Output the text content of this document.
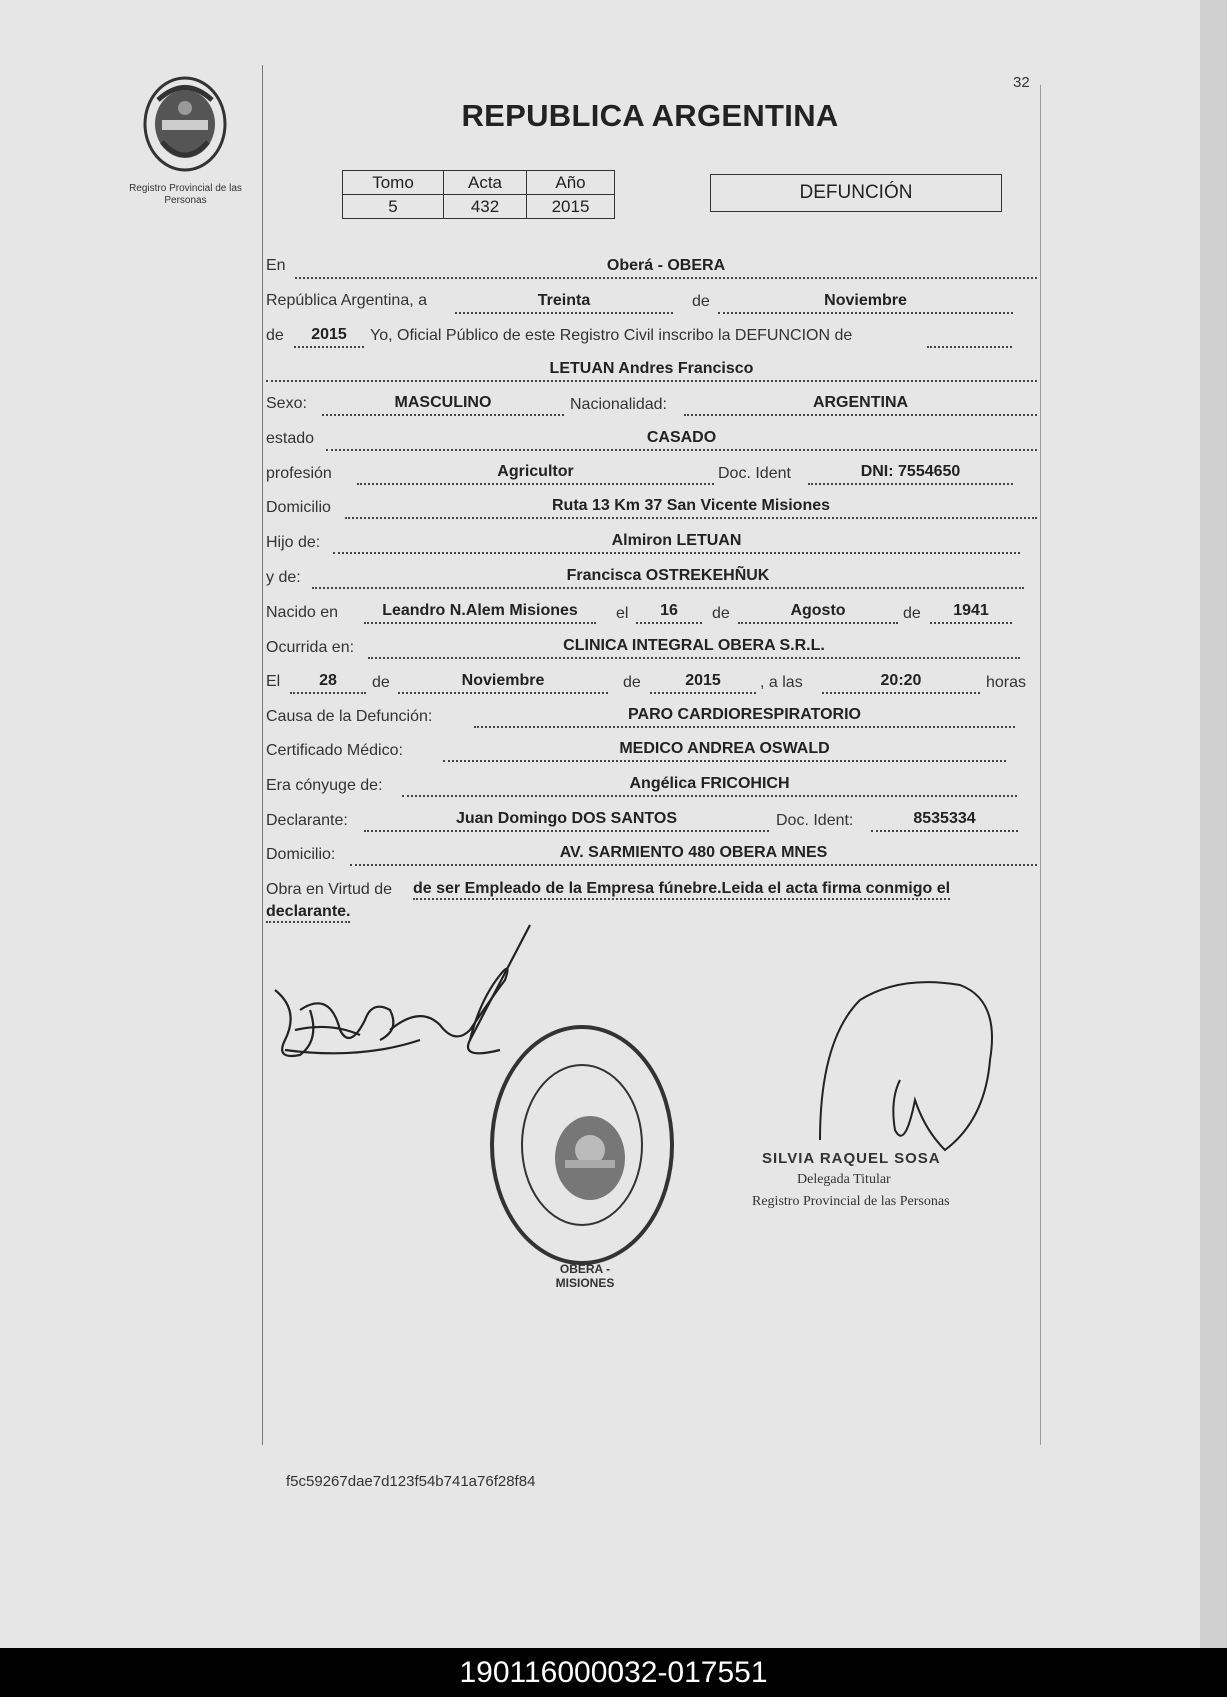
Registro Provincial de las Personas
32
REPUBLICA ARGENTINA
Tomo	Acta	Año
5	432	2015
DEFUNCIÓN
En	Oberá - OBERA
República Argentina, a	Treinta	de	Noviembre
de	2015	Yo, Oficial Público de este Registro Civil inscribo la DEFUNCION de
LETUAN Andres Francisco
Sexo:	MASCULINO	Nacionalidad:	ARGENTINA
estado	CASADO
profesión	Agricultor	Doc. Ident	DNI: 7554650
Domicilio	Ruta 13 Km 37 San Vicente Misiones
Hijo de:	Almiron LETUAN
y de:	Francisca OSTREKEHÑUK
Nacido en	Leandro N.Alem Misiones	el	16	de	Agosto	de	1941
Ocurrida en:	CLINICA INTEGRAL OBERA S.R.L.
El	28	de	Noviembre	de	2015	, a las	20:20	horas
Causa de la Defunción:	PARO CARDIORESPIRATORIO
Certificado Médico:	MEDICO ANDREA OSWALD
Era cónyuge de:	Angélica FRICOHICH
Declarante:	Juan Domingo DOS SANTOS	Doc. Ident:	8535334
Domicilio:	AV. SARMIENTO 480 OBERA MNES
Obra en Virtud de de ser Empleado de la Empresa fúnebre.Leida el acta firma conmigo el
declarante.
OBERA - MISIONES
SILVIA RAQUEL SOSA
Delegada Titular
Registro Provincial de las Personas
f5c59267dae7d123f54b741a76f28f84
190116000032-017551
